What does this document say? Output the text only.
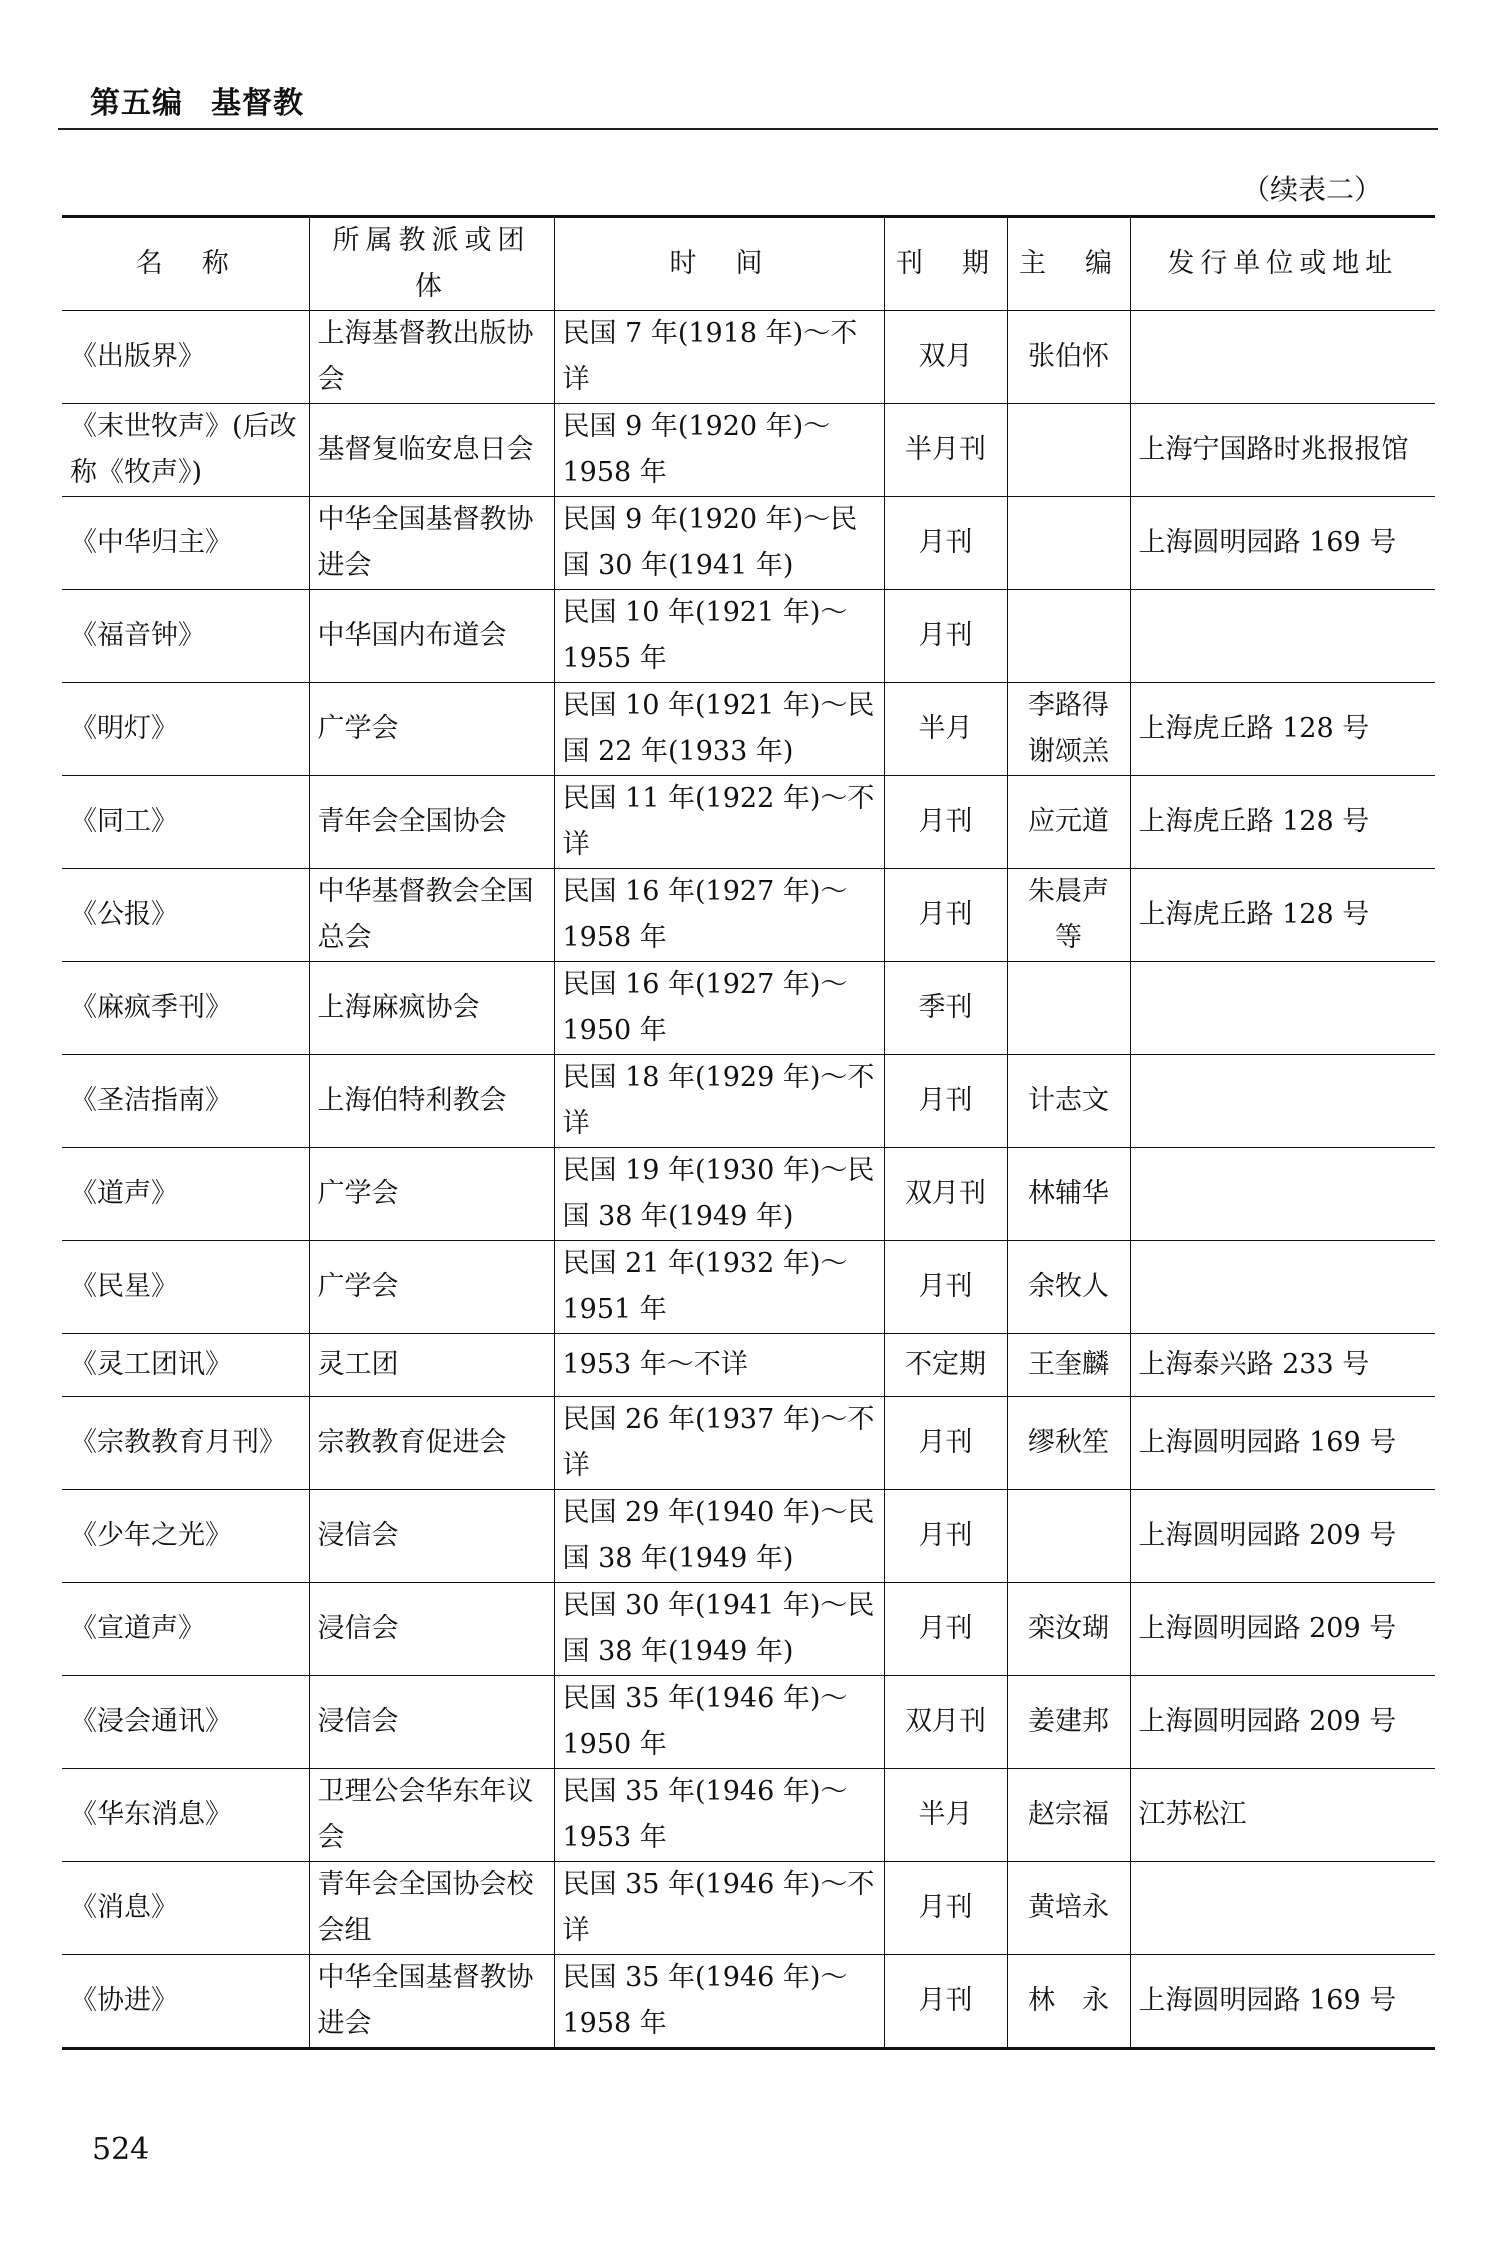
第五编 基督教
（续表二）
名　称	所属教派或团体	时　间	刊　期	主　编	发行单位或地址
《出版界》	上海基督教出版协会	民国 7 年(1918 年)～不详	双月	张伯怀	
《末世牧声》(后改称《牧声》)	基督复临安息日会	民国 9 年(1920 年)～1958 年	半月刊		上海宁国路时兆报报馆
《中华归主》	中华全国基督教协进会	民国 9 年(1920 年)～民国 30 年(1941 年)	月刊		上海圆明园路 169 号
《福音钟》	中华国内布道会	民国 10 年(1921 年)～1955 年	月刊		
《明灯》	广学会	民国 10 年(1921 年)～民国 22 年(1933 年)	半月	李路得 谢颂羔	上海虎丘路 128 号
《同工》	青年会全国协会	民国 11 年(1922 年)～不详	月刊	应元道	上海虎丘路 128 号
《公报》	中华基督教会全国总会	民国 16 年(1927 年)～1958 年	月刊	朱晨声等	上海虎丘路 128 号
《麻疯季刊》	上海麻疯协会	民国 16 年(1927 年)～1950 年	季刊		
《圣洁指南》	上海伯特利教会	民国 18 年(1929 年)～不详	月刊	计志文	
《道声》	广学会	民国 19 年(1930 年)～民国 38 年(1949 年)	双月刊	林辅华	
《民星》	广学会	民国 21 年(1932 年)～1951 年	月刊	余牧人	
《灵工团讯》	灵工团	1953 年～不详	不定期	王奎麟	上海泰兴路 233 号
《宗教教育月刊》	宗教教育促进会	民国 26 年(1937 年)～不详	月刊	缪秋笙	上海圆明园路 169 号
《少年之光》	浸信会	民国 29 年(1940 年)～民国 38 年(1949 年)	月刊		上海圆明园路 209 号
《宣道声》	浸信会	民国 30 年(1941 年)～民国 38 年(1949 年)	月刊	栾汝瑚	上海圆明园路 209 号
《浸会通讯》	浸信会	民国 35 年(1946 年)～1950 年	双月刊	姜建邦	上海圆明园路 209 号
《华东消息》	卫理公会华东年议会	民国 35 年(1946 年)～1953 年	半月	赵宗福	江苏松江
《消息》	青年会全国协会校会组	民国 35 年(1946 年)～不详	月刊	黄培永	
《协进》	中华全国基督教协进会	民国 35 年(1946 年)～1958 年	月刊	林　永	上海圆明园路 169 号
524
